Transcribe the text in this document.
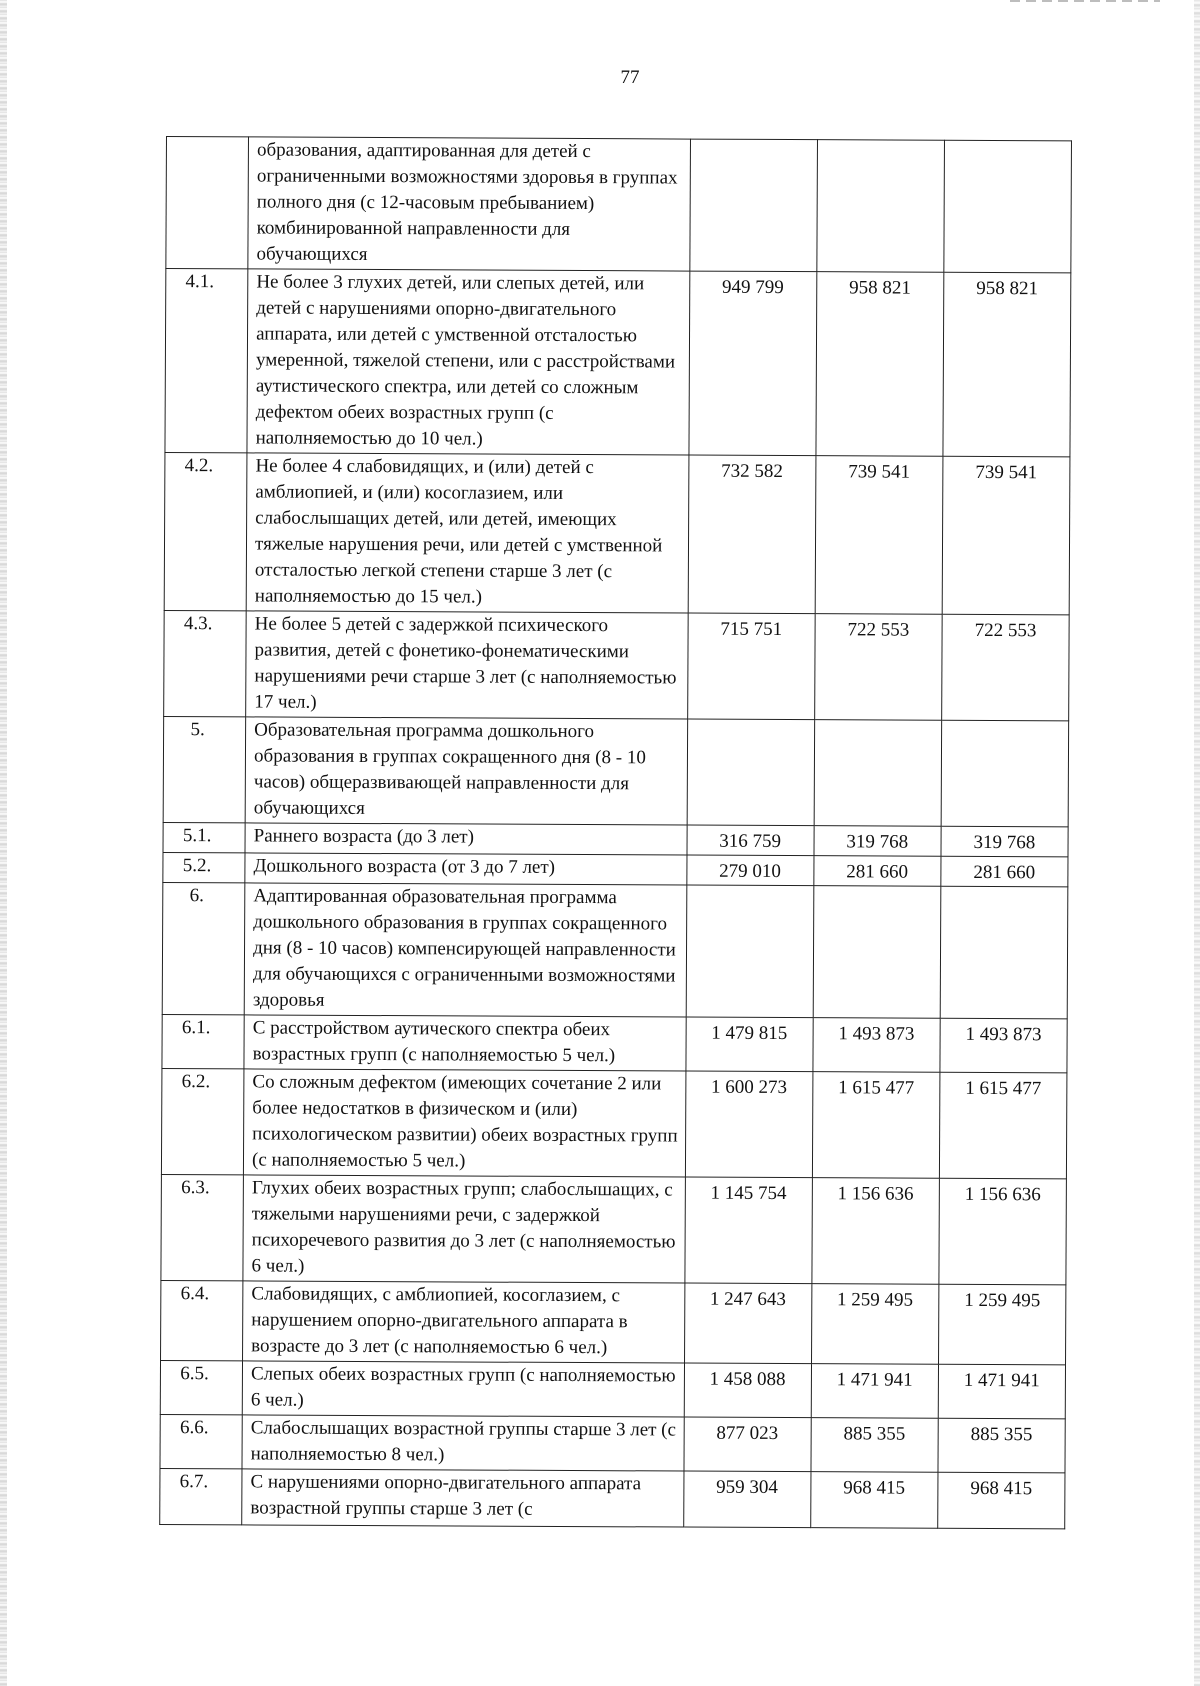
77
	образования, адаптированная для детей с ограниченными возможностями здоровья в группах полного дня (с 12-часовым пребыванием) комбинированной направленности для обучающихся			
4.1.	Не более 3 глухих детей, или слепых детей, или детей с нарушениями опорно-двигательного аппарата, или детей с умственной отсталостью умеренной, тяжелой степени, или с расстройствами аутистического спектра, или детей со сложным дефектом обеих возрастных групп (с наполняемостью до 10 чел.)	949 799	958 821	958 821
4.2.	Не более 4 слабовидящих, и (или) детей с амблиопией, и (или) косоглазием, или слабослышащих детей, или детей, имеющих тяжелые нарушения речи, или детей с умственной отсталостью легкой степени старше 3 лет (с наполняемостью до 15 чел.)	732 582	739 541	739 541
4.3.	Не более 5 детей с задержкой психического развития, детей с фонетико-фонематическими нарушениями речи старше 3 лет (с наполняемостью 17 чел.)	715 751	722 553	722 553
5.	Образовательная программа дошкольного образования в группах сокращенного дня (8 - 10 часов) общеразвивающей направленности для обучающихся			
5.1.	Раннего возраста (до 3 лет)	316 759	319 768	319 768
5.2.	Дошкольного возраста (от 3 до 7 лет)	279 010	281 660	281 660
6.	Адаптированная образовательная программа дошкольного образования в группах сокращенного дня (8 - 10 часов) компенсирующей направленности для обучающихся с ограниченными возможностями здоровья			
6.1.	С расстройством аутического спектра обеих возрастных групп (с наполняемостью 5 чел.)	1 479 815	1 493 873	1 493 873
6.2.	Со сложным дефектом (имеющих сочетание 2 или более недостатков в физическом и (или) психологическом развитии) обеих возрастных групп (с наполняемостью 5 чел.)	1 600 273	1 615 477	1 615 477
6.3.	Глухих обеих возрастных групп; слабослышащих, с тяжелыми нарушениями речи, с задержкой психоречевого развития до 3 лет (с наполняемостью 6 чел.)	1 145 754	1 156 636	1 156 636
6.4.	Слабовидящих, с амблиопией, косоглазием, с нарушением опорно-двигательного аппарата в возрасте до 3 лет (с наполняемостью 6 чел.)	1 247 643	1 259 495	1 259 495
6.5.	Слепых обеих возрастных групп (с наполняемостью 6 чел.)	1 458 088	1 471 941	1 471 941
6.6.	Слабослышащих возрастной группы старше 3 лет (с наполняемостью 8 чел.)	877 023	885 355	885 355
6.7.	С нарушениями опорно-двигательного аппарата возрастной группы старше 3 лет (с	959 304	968 415	968 415
